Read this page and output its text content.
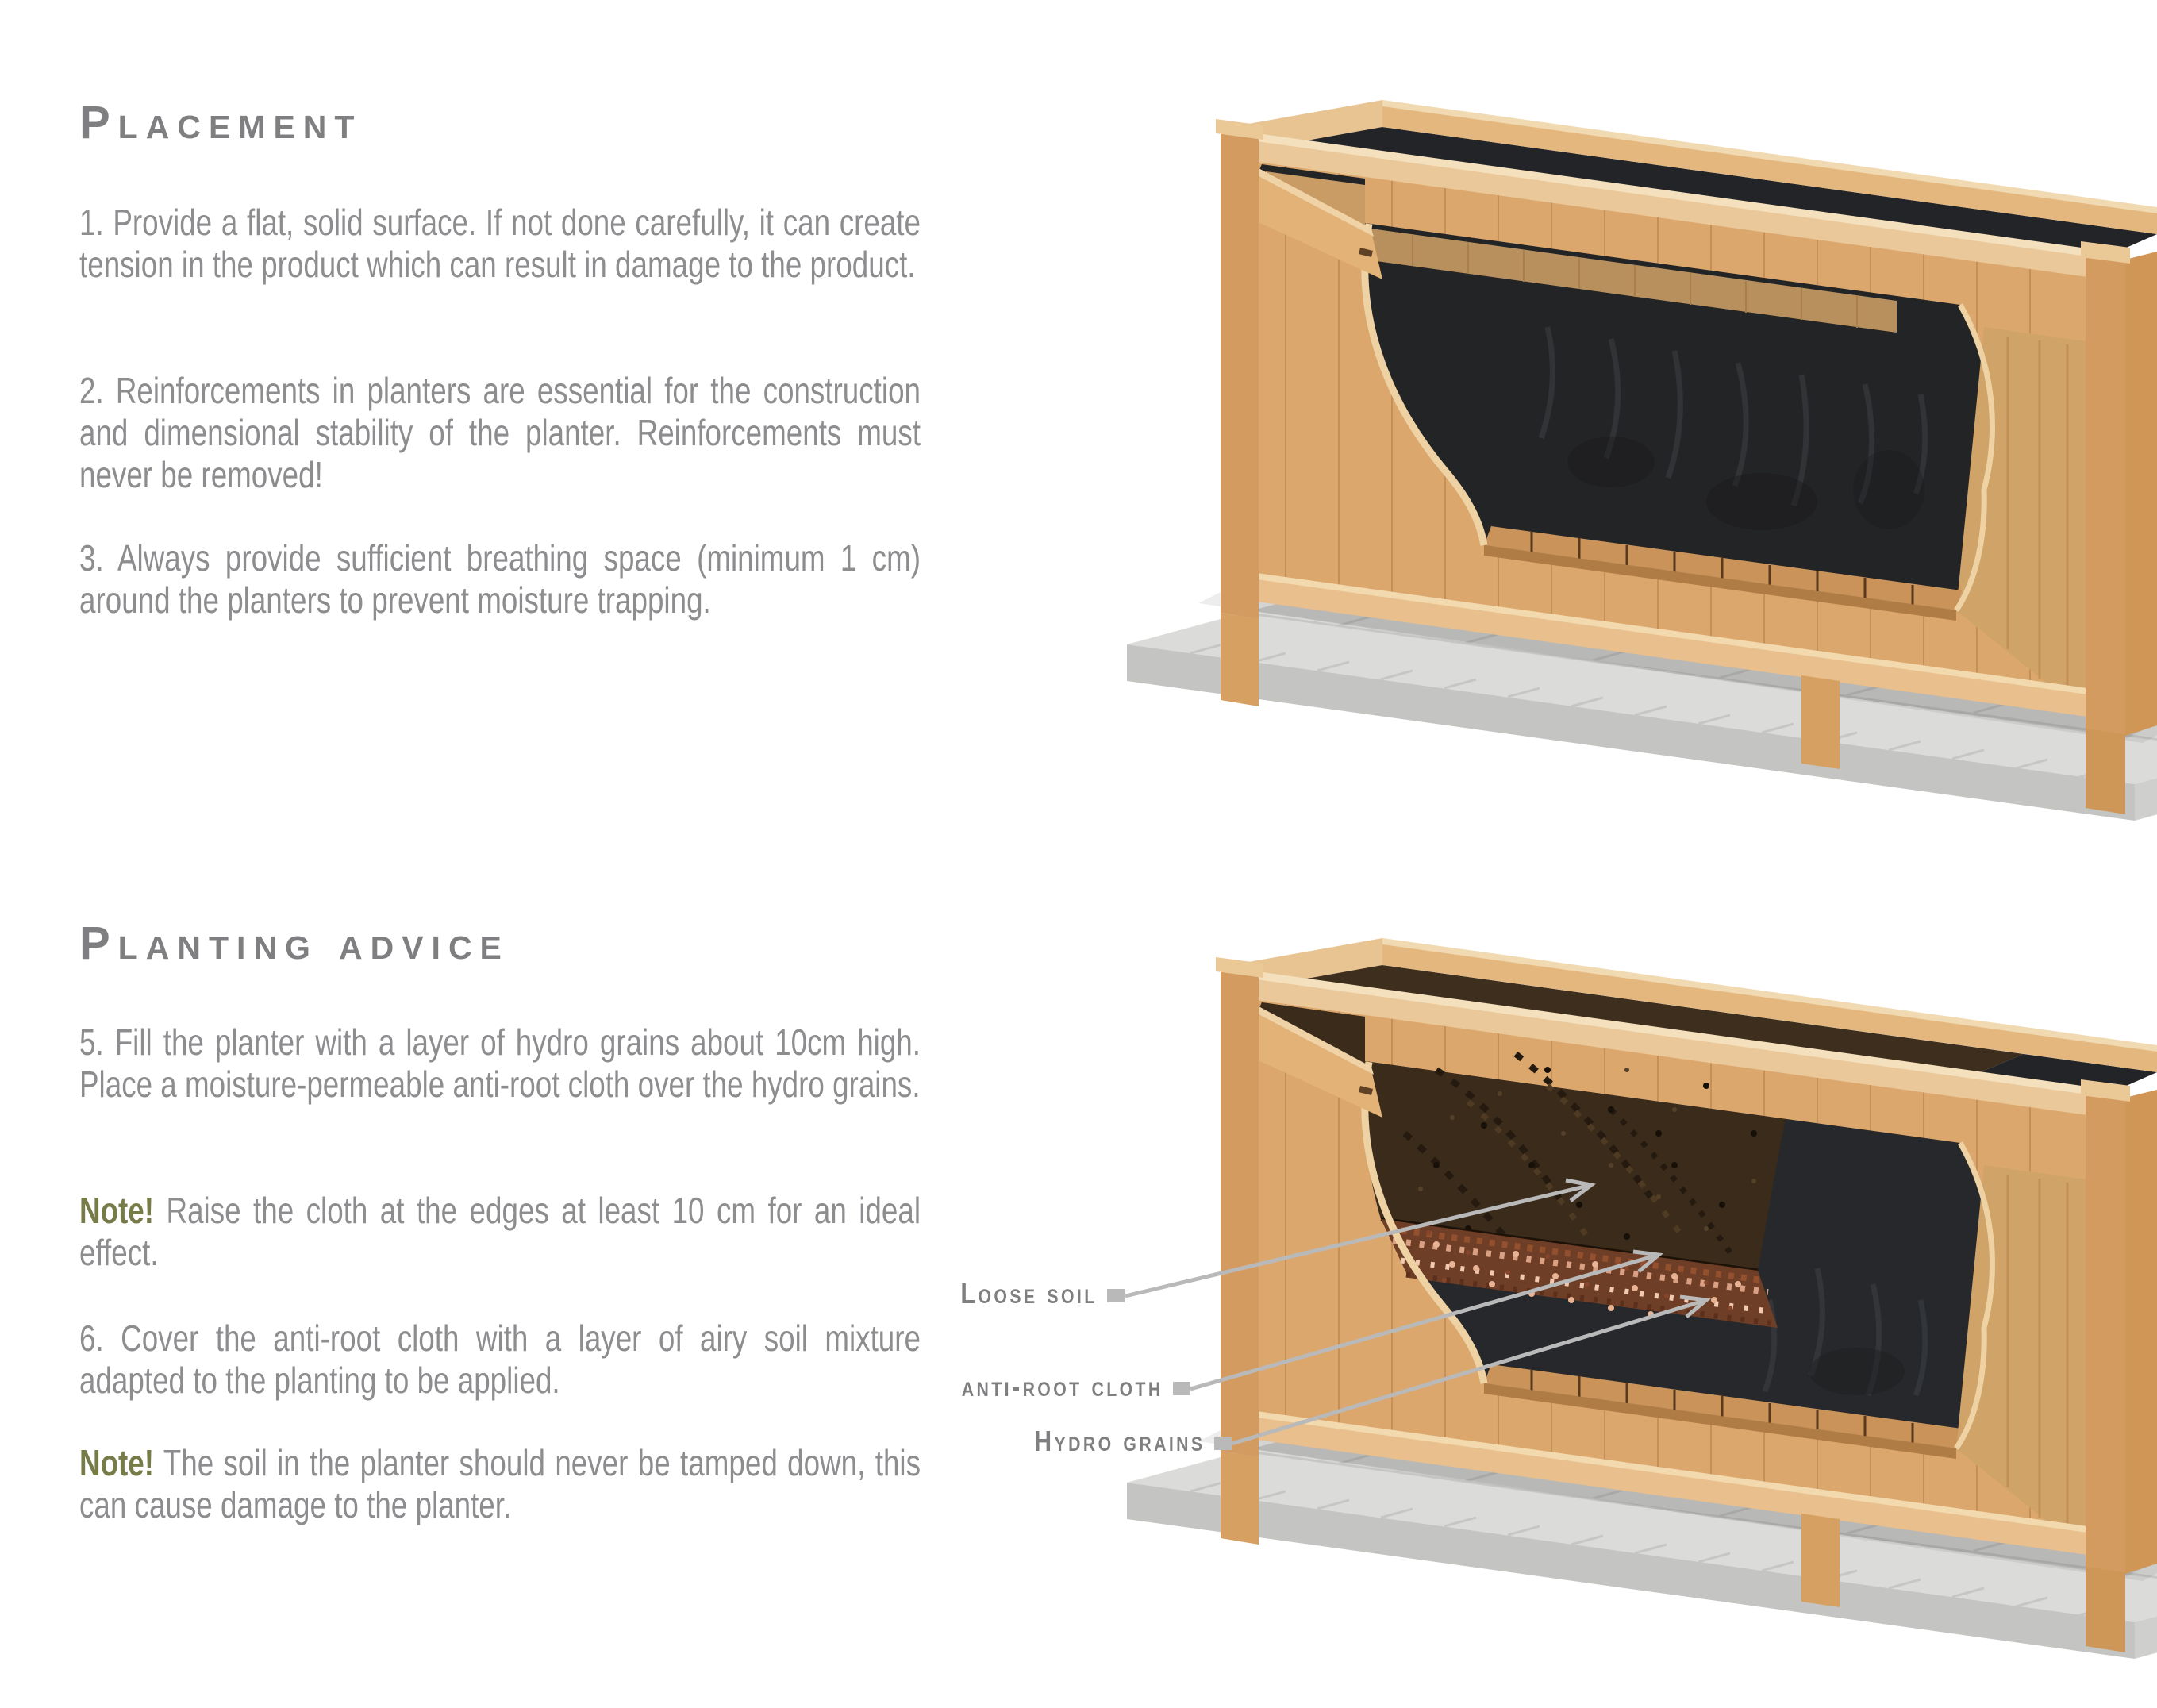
Placement

1. Provide a flat, solid surface. If not done carefully, it can create tension in the product which can result in damage to the product.

2. Reinforcements in planters are essential for the construction and dimensional stability of the planter. Reinforcements must never be removed!

3. Always provide sufficient breathing space (minimum 1 cm) around the planters to prevent moisture trapping.

Planting advice

5. Fill the planter with a layer of hydro grains about 10cm high. Place a moisture-permeable anti-root cloth over the hydro grains.

Note! Raise the cloth at the edges at least 10 cm for an ideal effect.

6. Cover the anti-root cloth with a layer of airy soil mixture adapted to the planting to be applied.

Note! The soil in the planter should never be tamped down, this can cause damage to the planter.

Loose soil
anti-root cloth
Hydro grains
